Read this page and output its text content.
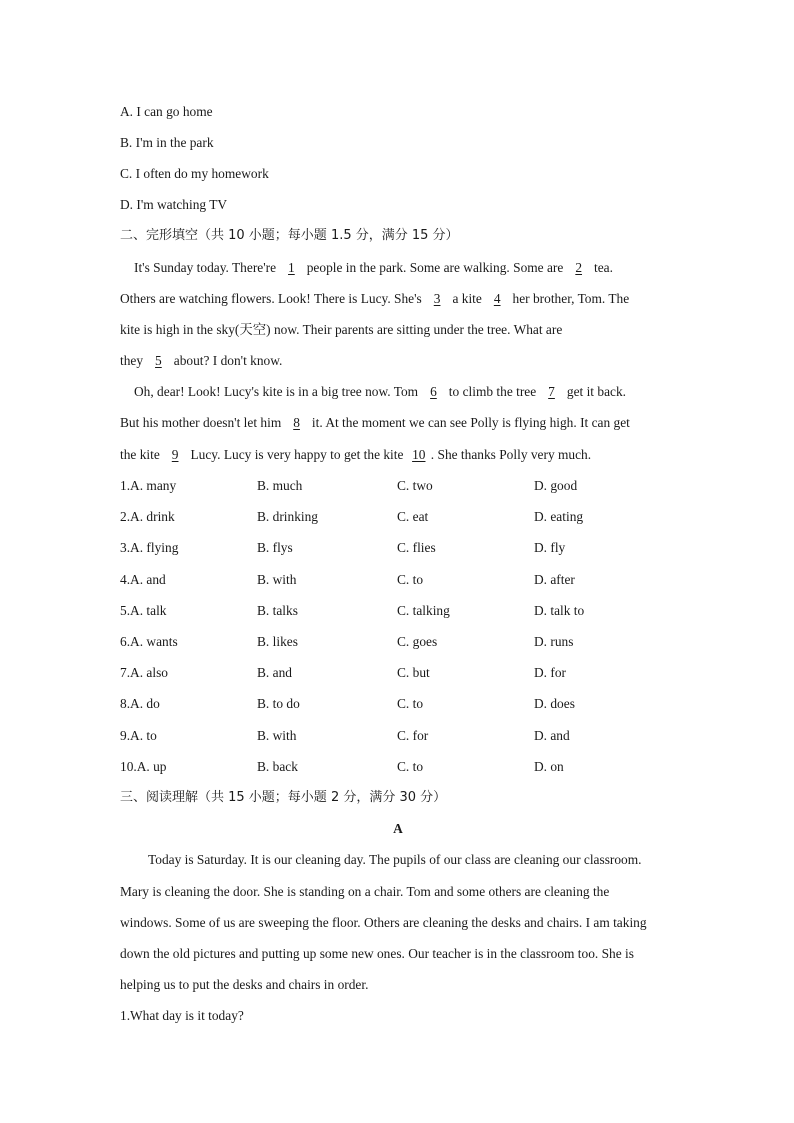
A. I can go home
B. I'm in the park
C. I often do my homework
D. I'm watching TV
二、完形填空（共 10 小题；每小题 1.5 分，满分 15 分）
It's Sunday today. There're 1 people in the park. Some are walking. Some are 2 tea.
Others are watching flowers. Look! There is Lucy. She's 3 a kite 4 her brother, Tom. The
kite is high in the sky(天空) now. Their parents are sitting under the tree. What are
they 5 about? I don't know.
Oh, dear! Look! Lucy's kite is in a big tree now. Tom 6 to climb the tree 7 get it back.
But his mother doesn't let him 8 it. At the moment we can see Polly is flying high. It can get
the kite 9 Lucy. Lucy is very happy to get the kite 10 . She thanks Polly very much.
1.A. many	B. much	C. two	D. good
2.A. drink	B. drinking	C. eat	D. eating
3.A. flying	B. flys	C. flies	D. fly
4.A. and	B. with	C. to	D. after
5.A. talk	B. talks	C. talking	D. talk to
6.A. wants	B. likes	C. goes	D. runs
7.A. also	B. and	C. but	D. for
8.A. do	B. to do	C. to	D. does
9.A. to	B. with	C. for	D. and
10.A. up	B. back	C. to	D. on
三、阅读理解（共 15 小题；每小题 2 分，满分 30 分）
A
Today is Saturday. It is our cleaning day. The pupils of our class are cleaning our classroom.
Mary is cleaning the door. She is standing on a chair. Tom and some others are cleaning the
windows. Some of us are sweeping the floor. Others are cleaning the desks and chairs. I am taking
down the old pictures and putting up some new ones. Our teacher is in the classroom too. She is
helping us to put the desks and chairs in order.
1.What day is it today?
